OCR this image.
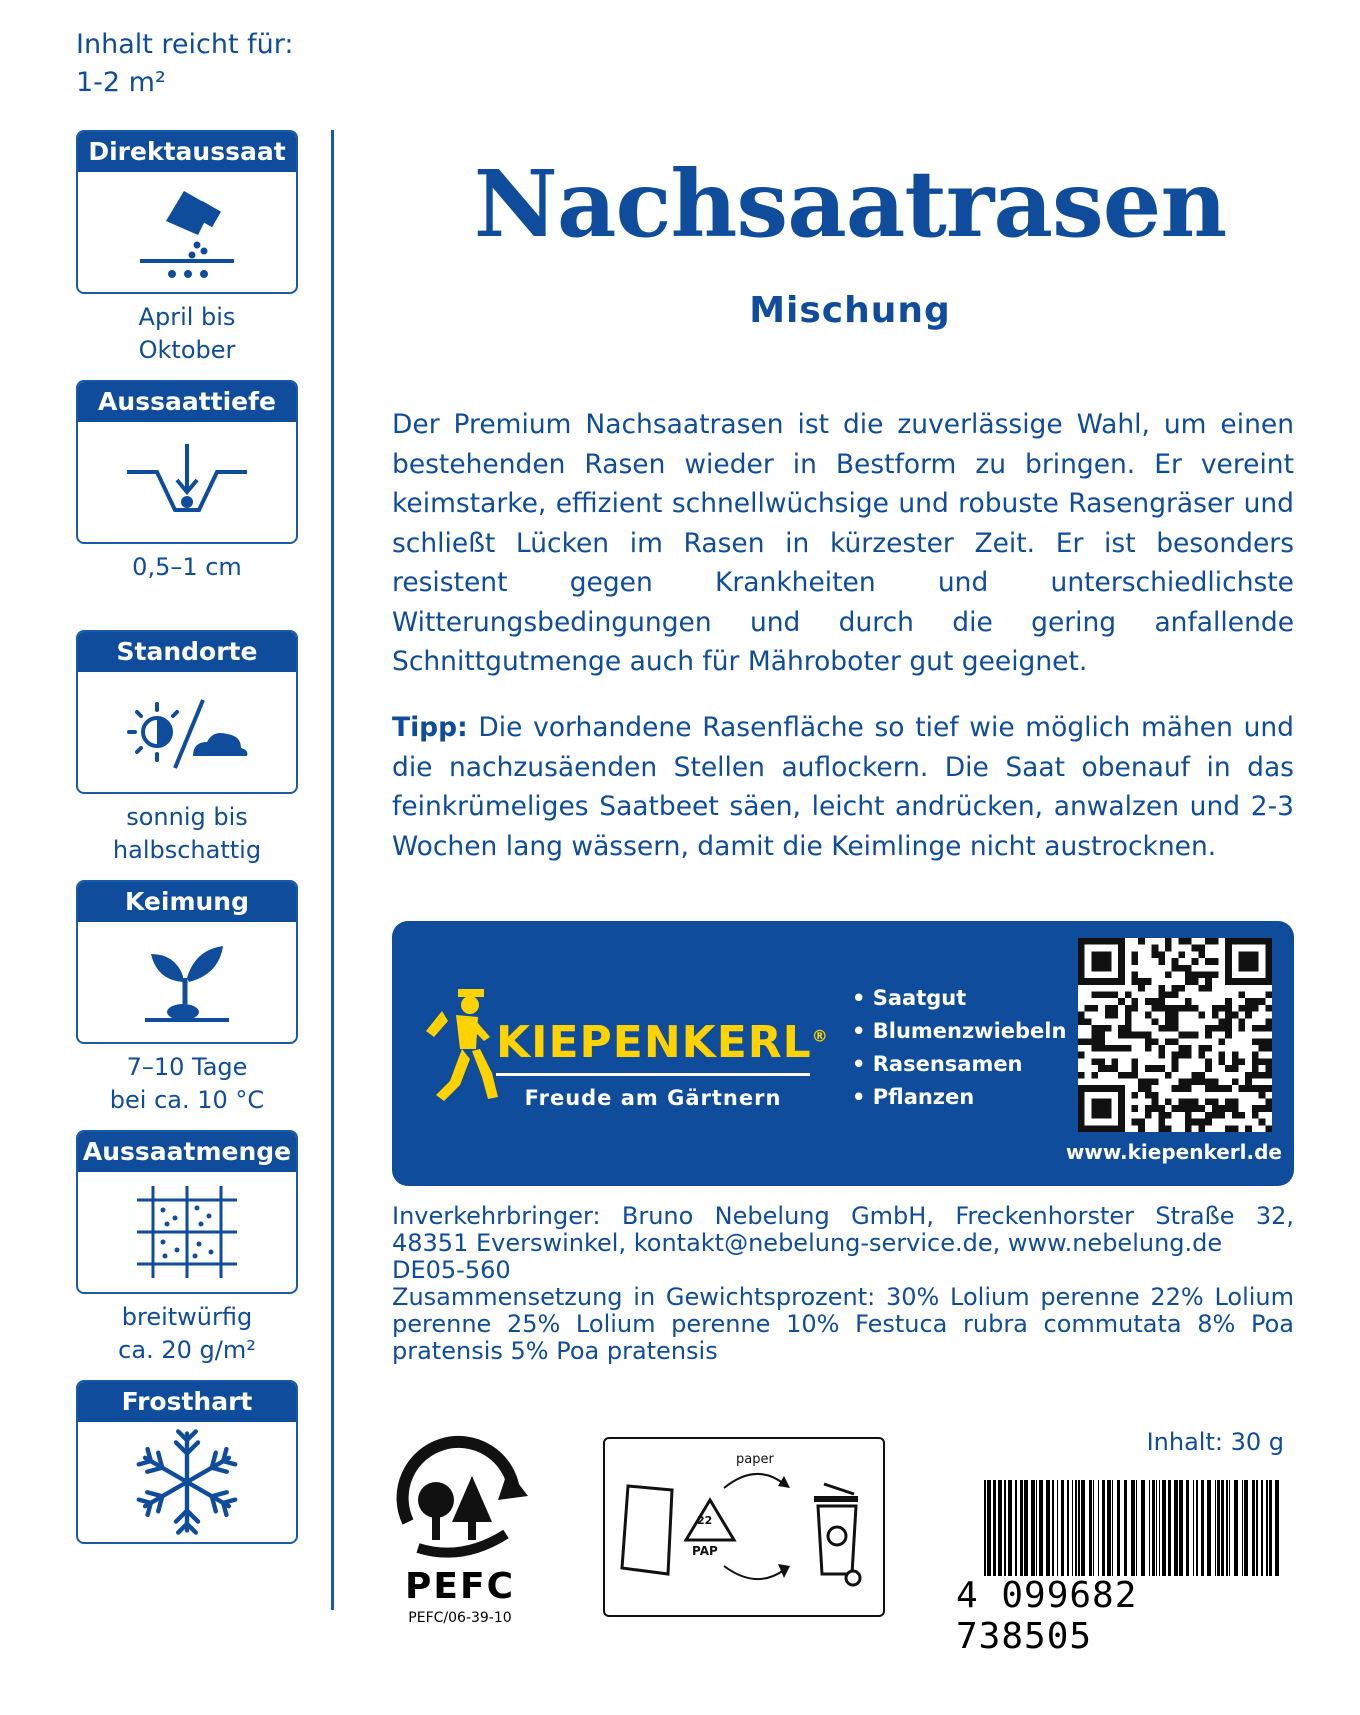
Inhalt reicht für:
1-2 m²
Direktaussaat
April bis
Oktober
Aussaattiefe
0,5–1 cm
Standorte
sonnig bis
halbschattig
Keimung
7–10 Tage
bei ca. 10 °C
Aussaatmenge
breitwürfig
ca. 20 g/m²
Frosthart
Nachsaatrasen
Mischung
Der Premium Nachsaatrasen ist die zuverlässige Wahl, um einen bestehenden Rasen wieder in Bestform zu bringen. Er vereint keimstarke, effizient schnellwüchsige und robuste Rasengräser und schließt Lücken im Rasen in kürzester Zeit. Er ist besonders resistent gegen Krankheiten und unterschiedlichste Witterungsbedingungen und durch die gering anfallende Schnittgutmenge auch für Mähroboter gut geeignet.
Tipp: Die vorhandene Rasenfläche so tief wie möglich mähen und die nachzusäenden Stellen auflockern. Die Saat obenauf in das feinkrümeliges Saatbeet säen, leicht andrücken, anwalzen und 2-3 Wochen lang wässern, damit die Keimlinge nicht austrocknen.
KIEPENKERL®
Freude am Gärtnern
• Saatgut
• Blumenzwiebeln
• Rasensamen
• Pflanzen
www.kiepenkerl.de
Inverkehrbringer: Bruno Nebelung GmbH, Freckenhorster Straße 32, 48351 Everswinkel, kontakt@nebelung-service.de, www.nebelung.de
DE05-560
Zusammensetzung in Gewichtsprozent: 30% Lolium perenne 22% Lolium perenne 25% Lolium perenne 10% Festuca rubra commutata 8% Poa pratensis 5% Poa pratensis
PEFC
PEFC/06-39-10
22
PAP
paper
Inhalt: 30 g
4 099682 738505
